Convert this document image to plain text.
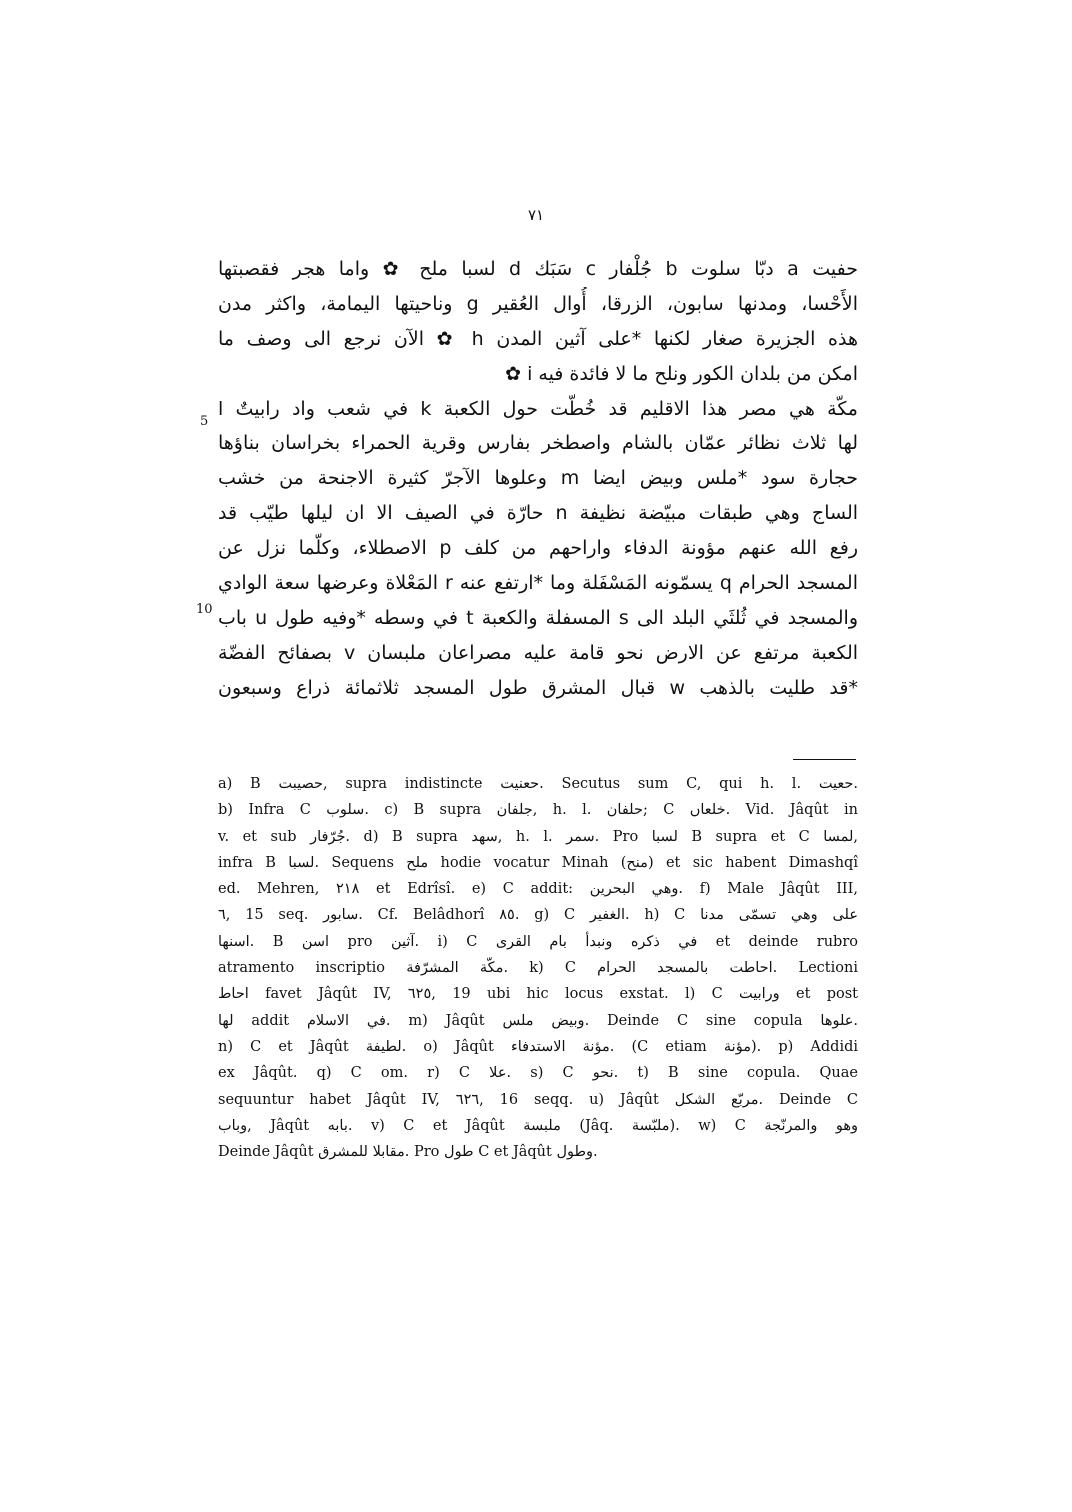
٧١
حفيت a دبّا سلوت b جُلْفار c سَبَك d لسبا ملح ✿ واما هجر فقصبتها
الأَحْسا، ومدنها سابون، الزرقا، أُوال العُقير g وناحيتها اليمامة، واكثر مدن
هذه الجزيرة صغار لكنها *على آثين المدن h ✿ الآن نرجع الى وصف ما
امكن من بلدان الكور ونلح ما لا فائدة فيه i ✿
مكّة هي مصر هذا الاقليم قد خُطّت حول الكعبة k في شعب واد رابيتٌ l
لها ثلاث نظائر عمّان بالشام واصطخر بفارس وقرية الحمراء بخراسان بناؤها
حجارة سود *ملس وبيض ايضا m وعلوها الآجرّ كثيرة الاجنحة من خشب
الساج وهي طبقات مبيّضة نظيفة n حارّة في الصيف الا ان ليلها طيّب قد
رفع الله عنهم مؤونة الدفاء واراحهم من كلف p الاصطلاء، وكلّما نزل عن
المسجد الحرام q يسمّونه المَسْفَلة وما *ارتفع عنه r المَعْلاة وعرضها سعة الوادي
والمسجد في ثُلثَي البلد الى s المسفلة والكعبة t في وسطه *وفيه طول u باب
الكعبة مرتفع عن الارض نحو قامة عليه مصراعان ملبسان v بصفائح الفضّة
*قد طليت بالذهب w قبال المشرق طول المسجد ثلاثمائة ذراع وسبعون
5
10
a) B حصيبت, supra indistincte حعنيت. Secutus sum C, qui h. l. حعيت.
b) Infra C سلوب. c) B supra جلفان, h. l. حلفان; C خلعاں. Vid. Jâqût in
v. et sub جُرّفار. d) B supra سهد, h. l. سمر. Pro لسبا B supra et C لمسا,
infra B لسبا. Sequens ملح hodie vocatur Minah (منح) et sic habent Dimashqî
ed. Mehren, ٢١٨ et Edrîsî. e) C addit: وهي البحرين. f) Male Jâqût III,
٦, 15 seq. سابور. Cf. Belâdhorî ٨٥. g) C الغفير. h) C على وهي تسمّى مدنا
اسنها. B اسن pro آثين. i) C في ذكره ونبدأ بام القرى et deinde rubro
atramento inscriptio مكّة المشرّفة. k) C احاطت بالمسجد الحرام. Lectioni
احاط favet Jâqût IV, ٦٢٥, 19 ubi hic locus exstat. l) C ورابيت et post
لها addit في الاسلام. m) Jâqût وبيض ملس. Deinde C sine copula علوها.
n) C et Jâqût لطيفة. o) Jâqût مؤنة الاستدفاء. (C etiam مؤنة). p) Addidi
ex Jâqût. q) C om. r) C علا. s) C نحو. t) B sine copula. Quae
sequuntur habet Jâqût IV, ٦٢٦, 16 seqq. u) Jâqût مربّع الشكل. Deinde C
وباب, Jâqût بابه. v) C et Jâqût ملبسة (Jâq. ملبّسة). w) C وهو والمرنّجة
Deinde Jâqût مقابلا للمشرق. Pro طول C et Jâqût وطول.
